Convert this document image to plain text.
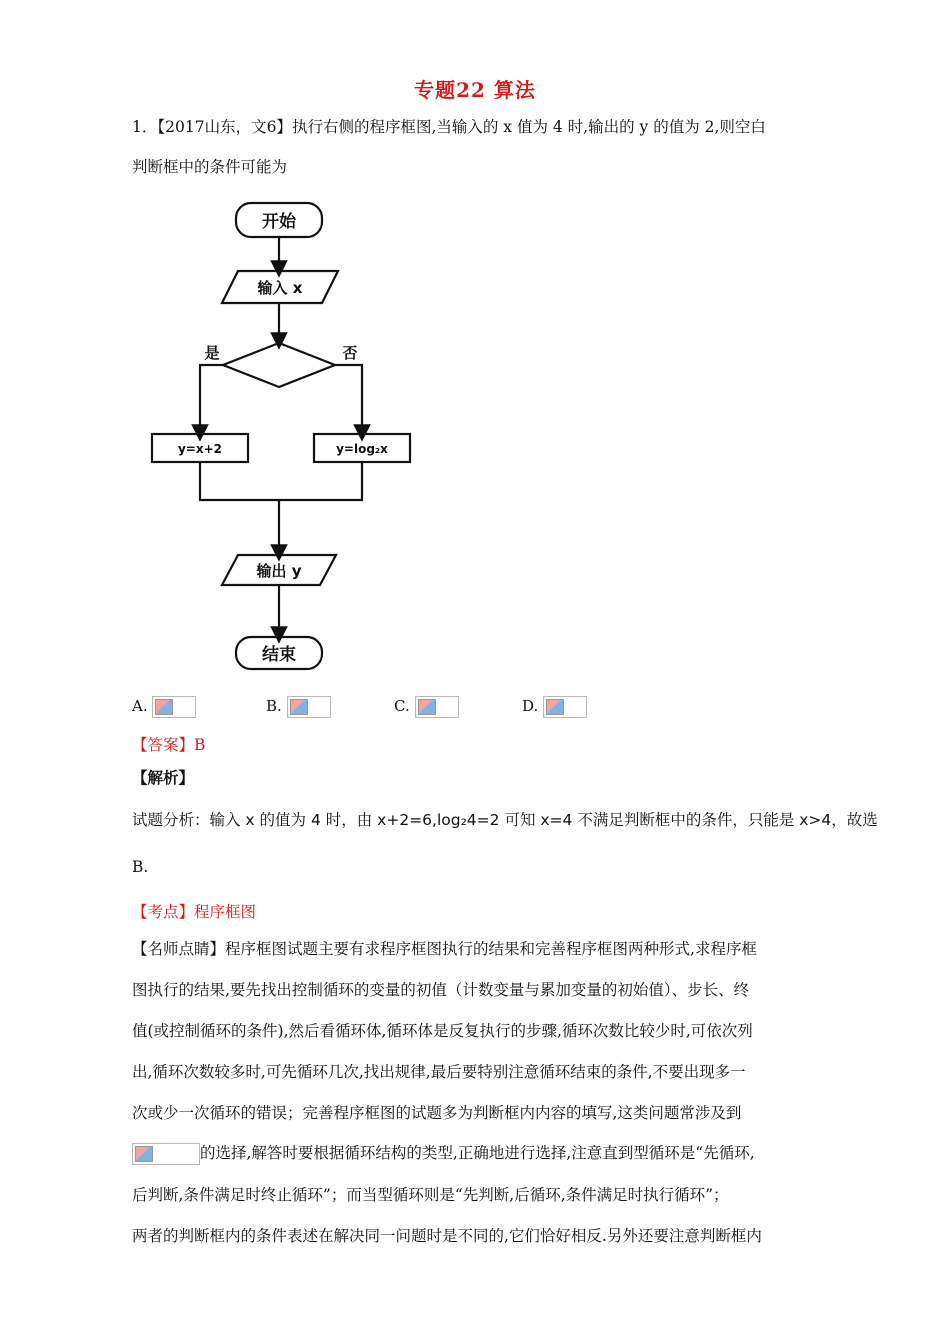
专题22 算法
1．【2017山东，文6】执行右侧的程序框图,当输入的 x 值为 4 时,输出的 y 的值为 2,则空白
判断框中的条件可能为
开始
输入 x
是	否
y=x+2	y=log₂x
输出 y
结束
A.	B.	C.	D.
【答案】B
【解析】
试题分析：输入 x 的值为 4 时，由 x+2=6,log₂4=2 可知 x=4 不满足判断框中的条件，只能是 x>4，故选
B.
【考点】程序框图
【名师点睛】程序框图试题主要有求程序框图执行的结果和完善程序框图两种形式,求程序框
图执行的结果,要先找出控制循环的变量的初值（计数变量与累加变量的初始值）、步长、终
值(或控制循环的条件),然后看循环体,循环体是反复执行的步骤,循环次数比较少时,可依次列
出,循环次数较多时,可先循环几次,找出规律,最后要特别注意循环结束的条件,不要出现多一
次或少一次循环的错误；完善程序框图的试题多为判断框内内容的填写,这类问题常涉及到
的选择,解答时要根据循环结构的类型,正确地进行选择,注意直到型循环是“先循环,
后判断,条件满足时终止循环”；而当型循环则是“先判断,后循环,条件满足时执行循环”；
两者的判断框内的条件表述在解决同一问题时是不同的,它们恰好相反.另外还要注意判断框内
